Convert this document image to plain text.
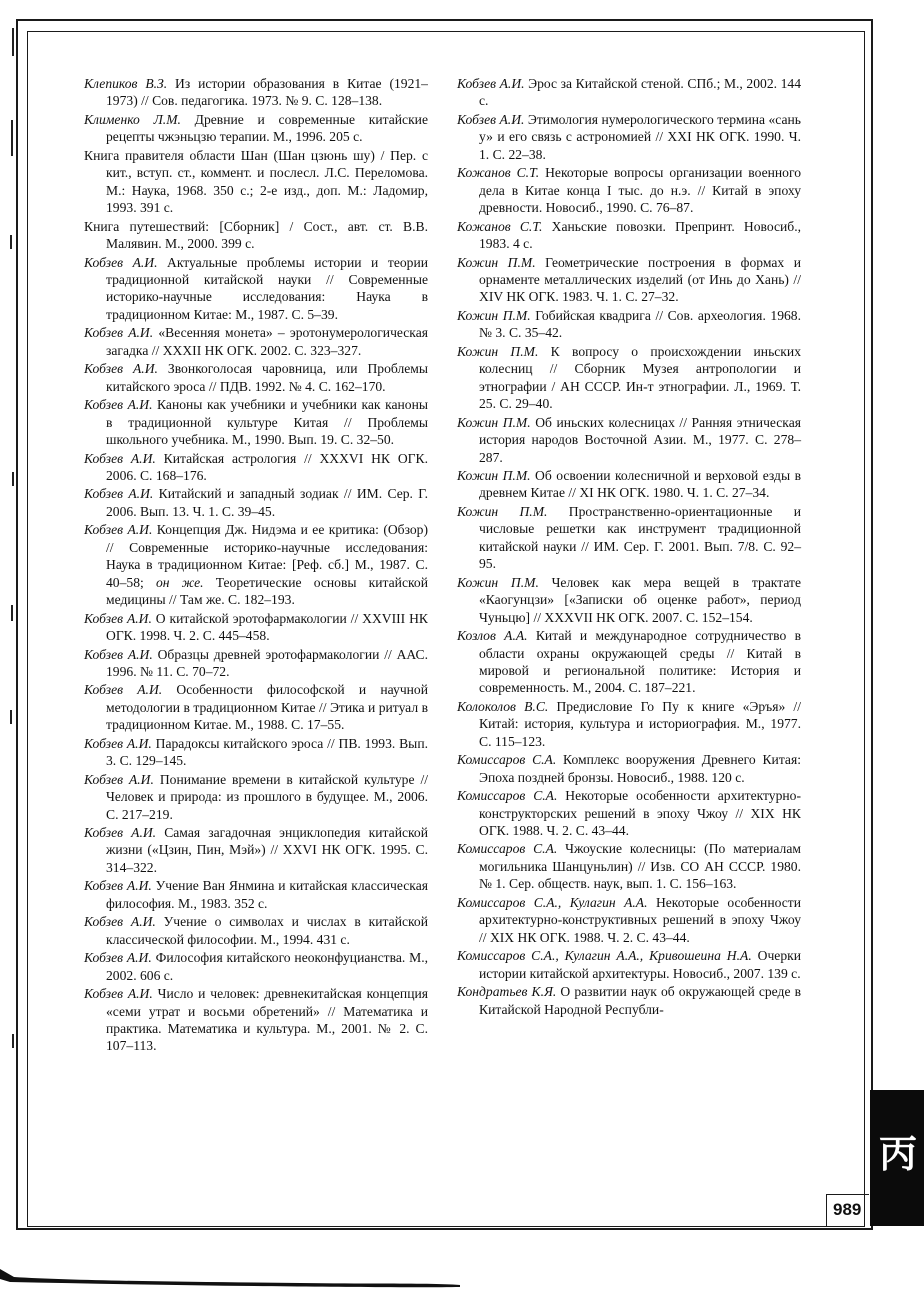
Клепиков В.З. Из истории образования в Китае (1921–1973) // Сов. педагогика. 1973. № 9. С. 128–138.

Клименко Л.М. Древние и современные китайские рецепты чжэньцзю терапии. М., 1996. 205 с.

Книга правителя области Шан (Шан цзюнь шу) / Пер. с кит., вступ. ст., коммент. и послесл. Л.С. Переломова. М.: Наука, 1968. 350 с.; 2-е изд., доп. М.: Ладомир, 1993. 391 с.

Книга путешествий: [Сборник] / Сост., авт. ст. В.В. Малявин. М., 2000. 399 с.

Кобзев А.И. Актуальные проблемы истории и теории традиционной китайской науки // Современные историко-научные исследования: Наука в традиционном Китае: М., 1987. С. 5–39.

Кобзев А.И. «Весенняя монета» – эротонумерологическая загадка // XXXII НК ОГК. 2002. С. 323–327.

Кобзев А.И. Звонкоголосая чаровница, или Проблемы китайского эроса // ПДВ. 1992. № 4. С. 162–170.

Кобзев А.И. Каноны как учебники и учебники как каноны в традиционной культуре Китая // Проблемы школьного учебника. М., 1990. Вып. 19. С. 32–50.

Кобзев А.И. Китайская астрология // XXXVI НК ОГК. 2006. С. 168–176.

Кобзев А.И. Китайский и западный зодиак // ИМ. Сер. Г. 2006. Вып. 13. Ч. 1. С. 39–45.

Кобзев А.И. Концепция Дж. Нидэма и ее критика: (Обзор) // Современные историко-научные исследования: Наука в традиционном Китае: [Реф. сб.] М., 1987. С. 40–58; он же. Теоретические основы китайской медицины // Там же. С. 182–193.

Кобзев А.И. О китайской эротофармакологии // XXVIII НК ОГК. 1998. Ч. 2. С. 445–458.

Кобзев А.И. Образцы древней эротофармакологии // ААС. 1996. № 11. С. 70–72.

Кобзев А.И. Особенности философской и научной методологии в традиционном Китае // Этика и ритуал в традиционном Китае. М., 1988. С. 17–55.

Кобзев А.И. Парадоксы китайского эроса // ПВ. 1993. Вып. 3. С. 129–145.

Кобзев А.И. Понимание времени в китайской культуре // Человек и природа: из прошлого в будущее. М., 2006. С. 217–219.

Кобзев А.И. Самая загадочная энциклопедия китайской жизни («Цзин, Пин, Мэй») // XXVI НК ОГК. 1995. С. 314–322.

Кобзев А.И. Учение Ван Янмина и китайская классическая философия. М., 1983. 352 с.

Кобзев А.И. Учение о символах и числах в китайской классической философии. М., 1994. 431 с.

Кобзев А.И. Философия китайского неоконфуцианства. М., 2002. 606 с.

Кобзев А.И. Число и человек: древнекитайская концепция «семи утрат и восьми обретений» // Математика и практика. Математика и культура. М., 2001. № 2. С. 107–113.

Кобзев А.И. Эрос за Китайской стеной. СПб.; М., 2002. 144 с.

Кобзев А.И. Этимология нумерологического термина «сань у» и его связь с астрономией // XXI НК ОГК. 1990. Ч. 1. С. 22–38.

Кожанов С.Т. Некоторые вопросы организации военного дела в Китае конца I тыс. до н.э. // Китай в эпоху древности. Новосиб., 1990. С. 76–87.

Кожанов С.Т. Ханьские повозки. Препринт. Новосиб., 1983. 4 с.

Кожин П.М. Геометрические построения в формах и орнаменте металлических изделий (от Инь до Хань) // XIV НК ОГК. 1983. Ч. 1. С. 27–32.

Кожин П.М. Гобийская квадрига // Сов. археология. 1968. № 3. С. 35–42.

Кожин П.М. К вопросу о происхождении иньских колесниц // Сборник Музея антропологии и этнографии / АН СССР. Ин-т этнографии. Л., 1969. Т. 25. С. 29–40.

Кожин П.М. Об иньских колесницах // Ранняя этническая история народов Восточной Азии. М., 1977. С. 278–287.

Кожин П.М. Об освоении колесничной и верховой езды в древнем Китае // XI НК ОГК. 1980. Ч. 1. С. 27–34.

Кожин П.М. Пространственно-ориентационные и числовые решетки как инструмент традиционной китайской науки // ИМ. Сер. Г. 2001. Вып. 7/8. С. 92–95.

Кожин П.М. Человек как мера вещей в трактате «Каогунцзи» [«Записки об оценке работ», период Чуньцю] // XXXVII НК ОГК. 2007. С. 152–154.

Козлов А.А. Китай и международное сотрудничество в области охраны окружающей среды // Китай в мировой и региональной политике: История и современность. М., 2004. С. 187–221.

Колоколов В.С. Предисловие Го Пу к книге «Эръя» // Китай: история, культура и историография. М., 1977. С. 115–123.

Комиссаров С.А. Комплекс вооружения Древнего Китая: Эпоха поздней бронзы. Новосиб., 1988. 120 с.

Комиссаров С.А. Некоторые особенности архитектурно-конструкторских решений в эпоху Чжоу // XIX НК ОГК. 1988. Ч. 2. С. 43–44.

Комиссаров С.А. Чжоуские колесницы: (По материалам могильника Шанцуньлин) // Изв. СО АН СССР. 1980. № 1. Сер. обществ. наук, вып. 1. С. 156–163.

Комиссаров С.А., Кулагин А.А. Некоторые особенности архитектурно-конструктивных решений в эпоху Чжоу // XIX НК ОГК. 1988. Ч. 2. С. 43–44.

Комиссаров С.А., Кулагин А.А., Кривошеина Н.А. Очерки истории китайской архитектуры. Новосиб., 2007. 139 с.

Кондратьев К.Я. О развитии наук об окружающей среде в Китайской Народной Республи-

丙
989
